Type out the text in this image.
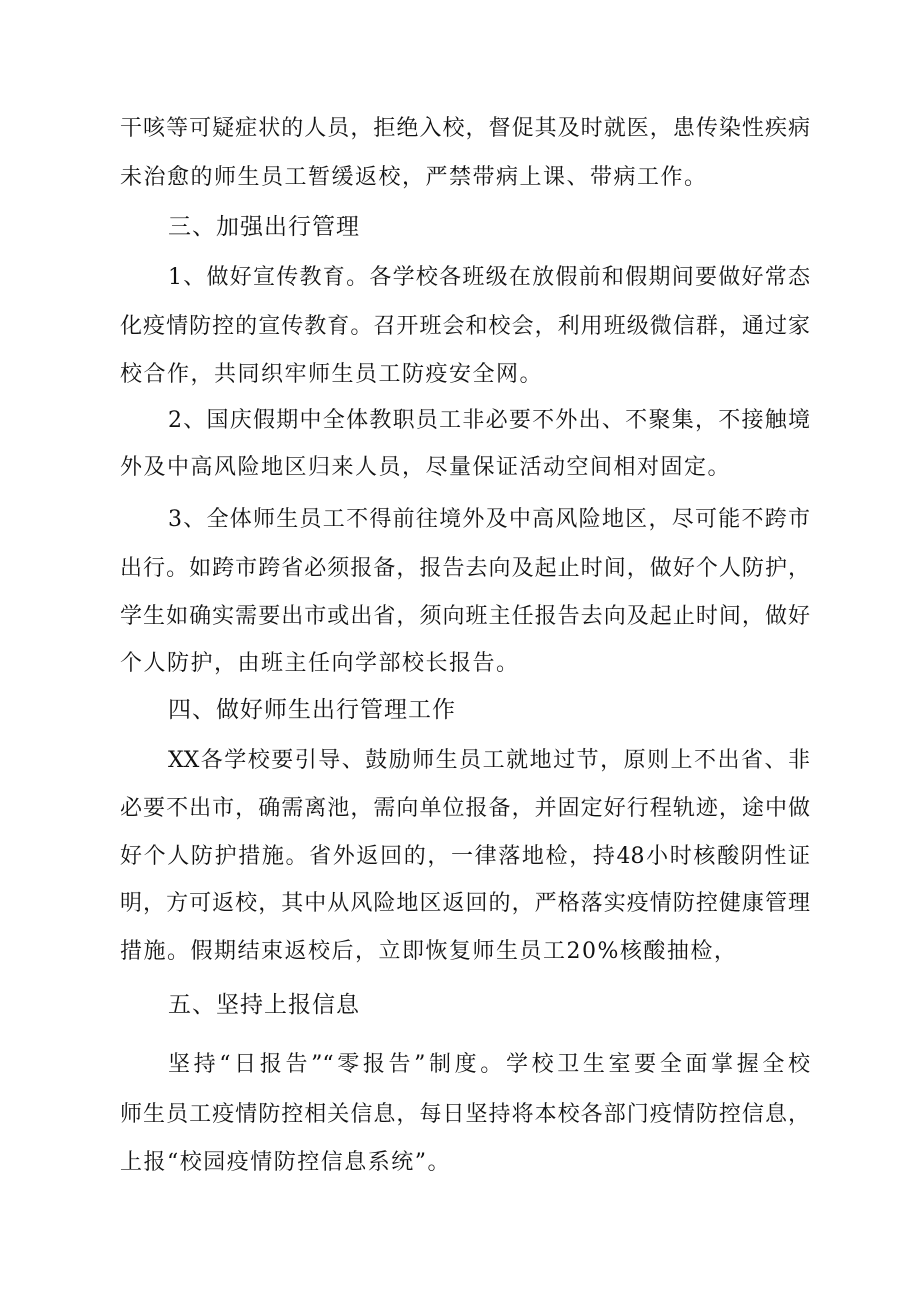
干咳等可疑症状的人员，拒绝入校，督促其及时就医，患传染性疾病
未治愈的师生员工暂缓返校，严禁带病上课、带病工作。
三、加强出行管理
1、做好宣传教育。各学校各班级在放假前和假期间要做好常态
化疫情防控的宣传教育。召开班会和校会，利用班级微信群，通过家
校合作，共同织牢师生员工防疫安全网。
2、国庆假期中全体教职员工非必要不外出、不聚集，不接触境
外及中高风险地区归来人员，尽量保证活动空间相对固定。
3、全体师生员工不得前往境外及中高风险地区，尽可能不跨市
出行。如跨市跨省必须报备，报告去向及起止时间，做好个人防护，
学生如确实需要出市或出省，须向班主任报告去向及起止时间，做好
个人防护，由班主任向学部校长报告。
四、做好师生出行管理工作
XX各学校要引导、鼓励师生员工就地过节，原则上不出省、非
必要不出市，确需离池，需向单位报备，并固定好行程轨迹，途中做
好个人防护措施。省外返回的，一律落地检，持48小时核酸阴性证
明，方可返校，其中从风险地区返回的，严格落实疫情防控健康管理
措施。假期结束返校后，立即恢复师生员工20%核酸抽检，
五、坚持上报信息
坚持“日报告”“零报告”制度。学校卫生室要全面掌握全校
师生员工疫情防控相关信息，每日坚持将本校各部门疫情防控信息，
上报“校园疫情防控信息系统”。
